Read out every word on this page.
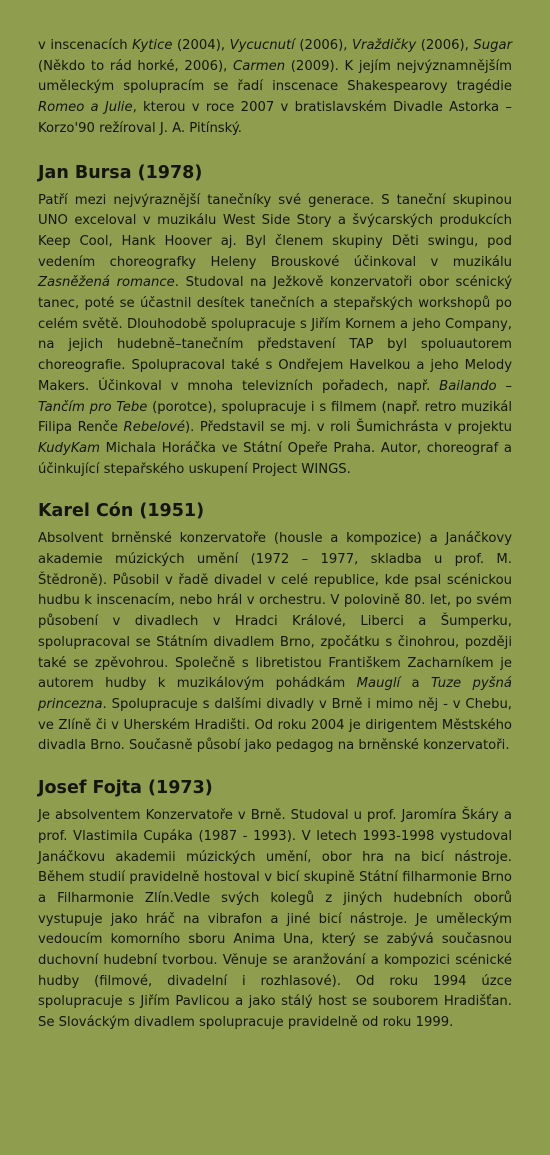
v inscenacích Kytice (2004), Vycucnutí (2006), Vraždičky (2006), Sugar (Někdo to rád horké, 2006), Carmen (2009). K jejím nejvýznamnějším uměleckým spolupracím se řadí inscenace Shakespearovy tragédie Romeo a Julie, kterou v roce 2007 v bratislavském Divadle Astorka – Korzo'90 režíroval J. A. Pitínský.

Jan Bursa (1978)

Patří mezi nejvýraznější tanečníky své generace. S taneční skupinou UNO exceloval v muzikálu West Side Story a švýcarských produkcích Keep Cool, Hank Hoover aj. Byl členem skupiny Děti swingu, pod vedením choreografky Heleny Brouskové účinkoval v muzikálu Zasněžená romance. Studoval na Ježkově konzervatoři obor scénický tanec, poté se účastnil desítek tanečních a stepařských workshopů po celém světě. Dlouhodobě spolupracuje s Jiřím Kornem a jeho Company, na jejich hudebně–tanečním představení TAP byl spoluautorem choreografie. Spolupracoval také s Ondřejem Havelkou a jeho Melody Makers. Účinkoval v mnoha televizních pořadech, např. Bailando – Tančím pro Tebe (porotce), spolupracuje i s filmem (např. retro muzikál Filipa Renče Rebelové). Představil se mj. v roli Šumichrásta v projektu KudyKam Michala Horáčka ve Státní Opeře Praha. Autor, choreograf a účinkující stepařského uskupení Project WINGS.

Karel Cón (1951)

Absolvent brněnské konzervatoře (housle a kompozice) a Janáčkovy akademie múzických umění (1972 – 1977, skladba u prof. M. Štědroně). Působil v řadě divadel v celé republice, kde psal scénickou hudbu k inscenacím, nebo hrál v orchestru. V polovině 80. let, po svém působení v divadlech v Hradci Králové, Liberci a Šumperku, spolupracoval se Státním divadlem Brno, zpočátku s činohrou, později také se zpěvohrou. Společně s libretistou Františkem Zacharníkem je autorem hudby k muzikálovým pohádkám Mauglí a Tuze pyšná princezna. Spolupracuje s dalšími divadly v Brně i mimo něj - v Chebu, ve Zlíně či v Uherském Hradišti. Od roku 2004 je dirigentem Městského divadla Brno. Současně působí jako pedagog na brněnské konzervatoři.

Josef Fojta (1973)

Je absolventem Konzervatoře v Brně. Studoval u prof. Jaromíra Škáry a prof. Vlastimila Cupáka (1987 - 1993). V letech 1993-1998 vystudoval Janáčkovu akademii múzických umění, obor hra na bicí nástroje. Během studií pravidelně hostoval v bicí skupině Státní filharmonie Brno a Filharmonie Zlín.Vedle svých kolegů z jiných hudebních oborů vystupuje jako hráč na vibrafon a jiné bicí nástroje. Je uměleckým vedoucím komorního sboru Anima Una, který se zabývá současnou duchovní hudební tvorbou. Věnuje se aranžování a kompozici scénické hudby (filmové, divadelní i rozhlasové). Od roku 1994 úzce spolupracuje s Jiřím Pavlicou a jako stálý host se souborem Hradišťan. Se Slováckým divadlem spolupracuje pravidelně od roku 1999.
